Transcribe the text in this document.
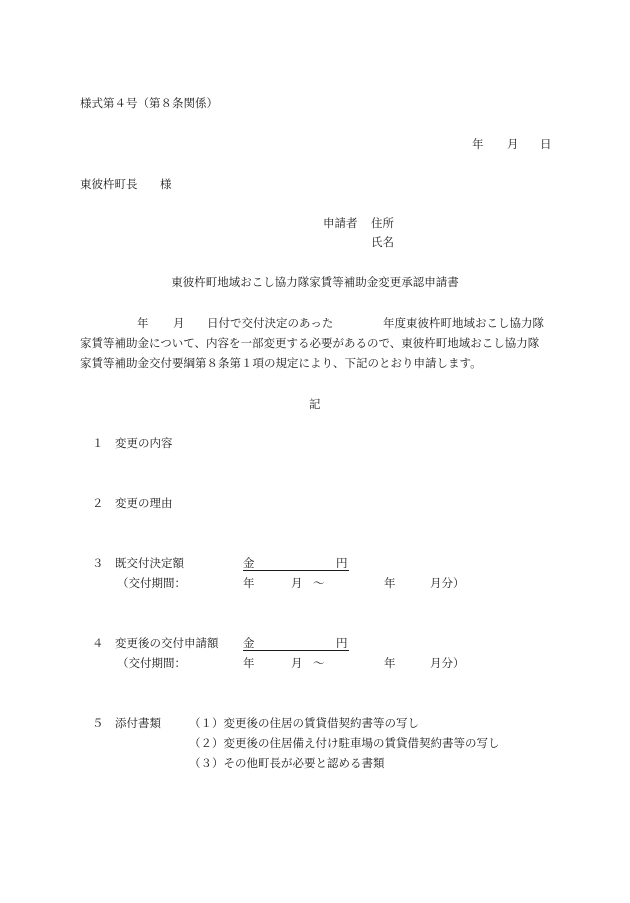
様式第４号（第８条関係）
年 月 日
東彼杵町長 様
申請者 住所
氏名
東彼杵町地域おこし協力隊家賃等補助金変更承認申請書
年 月 日付で交付決定のあった	年度東彼杵町地域おこし協力隊
家賃等補助金について、内容を一部変更する必要があるので、東彼杵町地域おこし協力隊
家賃等補助金交付要綱第８条第１項の規定により、下記のとおり申請します。
記
１ 変更の内容
２ 変更の理由
３ 既交付決定額	金	円
（交付期間：	年	月 ～	年	月分）
４ 変更後の交付申請額 金	円
（交付期間：	年	月 ～	年	月分）
５ 添付書類 （１）変更後の住居の賃貸借契約書等の写し
（２）変更後の住居備え付け駐車場の賃貸借契約書等の写し
（３）その他町長が必要と認める書類
